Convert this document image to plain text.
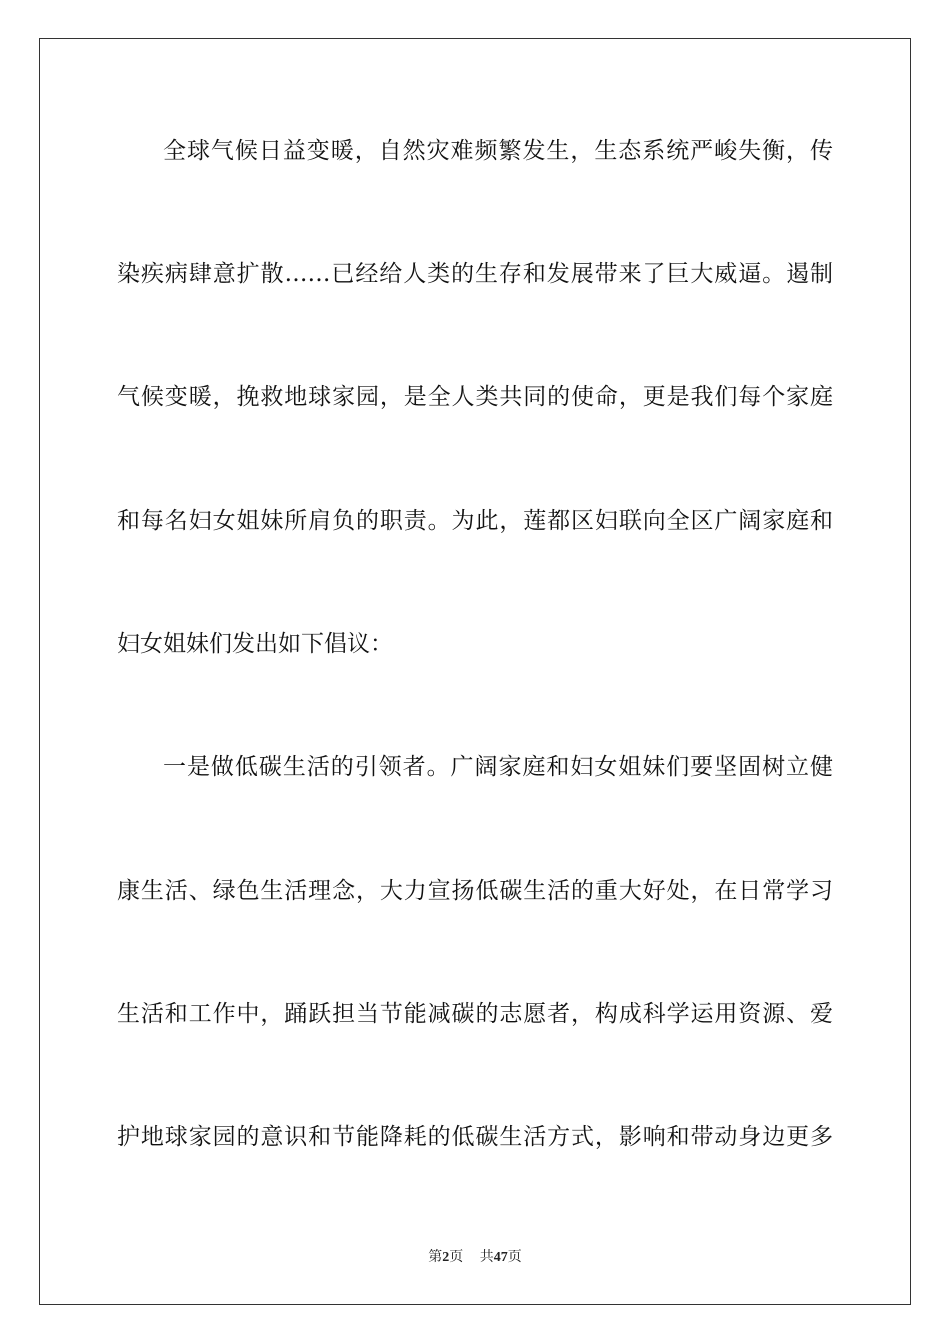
全球气候日益变暖，自然灾难频繁发生，生态系统严峻失衡，传
染疾病肆意扩散……已经给人类的生存和发展带来了巨大威逼。遏制
气候变暖，挽救地球家园，是全人类共同的使命，更是我们每个家庭
和每名妇女姐妹所肩负的职责。为此，莲都区妇联向全区广阔家庭和
妇女姐妹们发出如下倡议：
一是做低碳生活的引领者。广阔家庭和妇女姐妹们要坚固树立健
康生活、绿色生活理念，大力宣扬低碳生活的重大好处，在日常学习
生活和工作中，踊跃担当节能减碳的志愿者，构成科学运用资源、爱
护地球家园的意识和节能降耗的低碳生活方式，影响和带动身边更多
第2页 共47页
